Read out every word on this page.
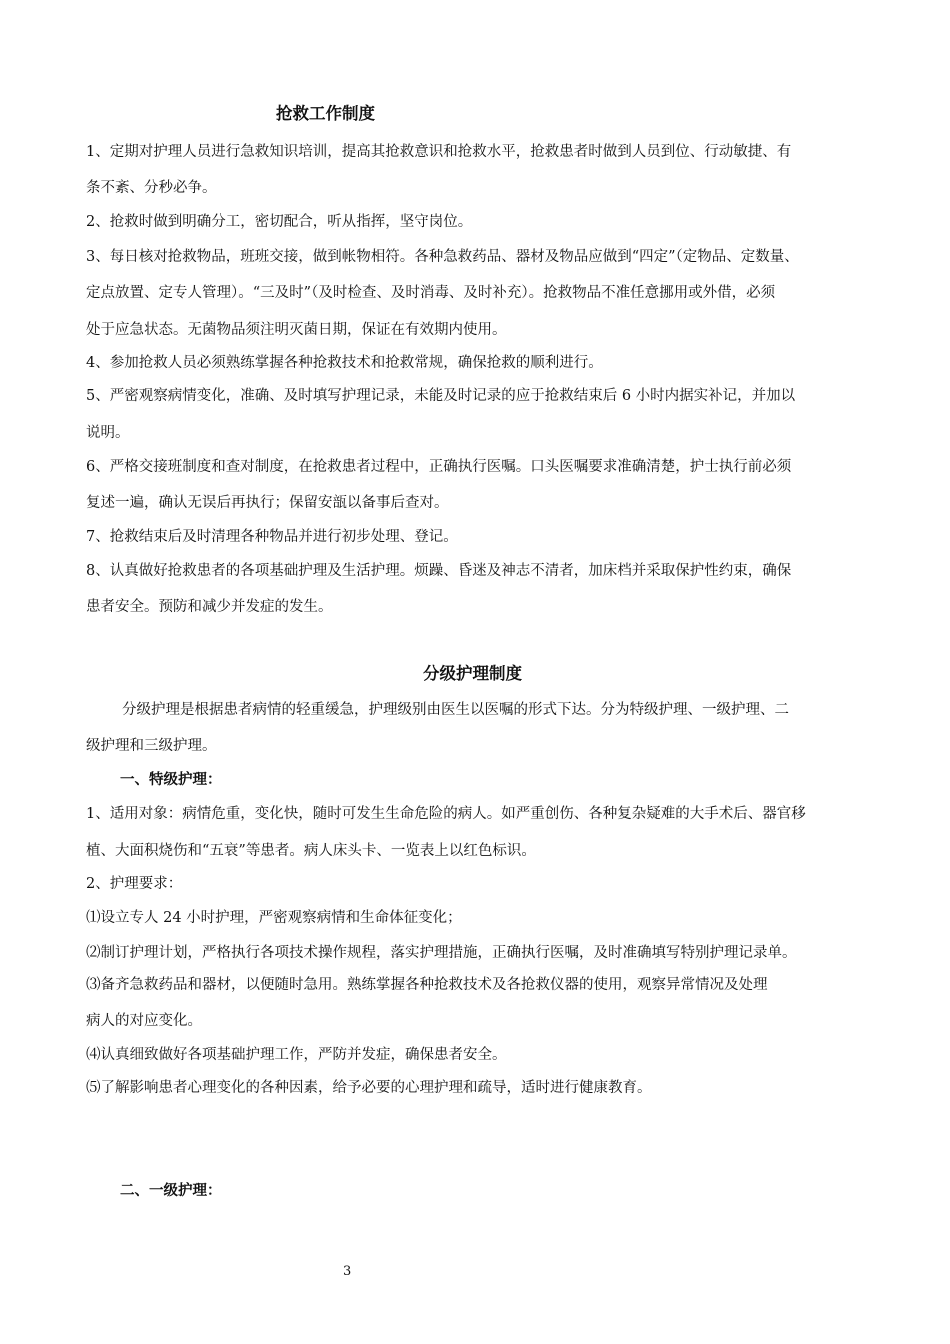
抢救工作制度
1、定期对护理人员进行急救知识培训，提高其抢救意识和抢救水平，抢救患者时做到人员到位、行动敏捷、有
条不紊、分秒必争。
2、抢救时做到明确分工，密切配合，听从指挥，坚守岗位。
3、每日核对抢救物品，班班交接，做到帐物相符。各种急救药品、器材及物品应做到“四定”（定物品、定数量、
定点放置、定专人管理）。“三及时”（及时检查、及时消毒、及时补充）。抢救物品不准任意挪用或外借，必须
处于应急状态。无菌物品须注明灭菌日期，保证在有效期内使用。
4、参加抢救人员必须熟练掌握各种抢救技术和抢救常规，确保抢救的顺利进行。
5、严密观察病情变化，准确、及时填写护理记录，未能及时记录的应于抢救结束后 6 小时内据实补记，并加以
说明。
6、严格交接班制度和查对制度，在抢救患者过程中，正确执行医嘱。口头医嘱要求准确清楚，护士执行前必须
复述一遍，确认无误后再执行；保留安瓿以备事后查对。
7、抢救结束后及时清理各种物品并进行初步处理、登记。
8、认真做好抢救患者的各项基础护理及生活护理。烦躁、昏迷及神志不清者，加床档并采取保护性约束，确保
患者安全。预防和减少并发症的发生。
分级护理制度
分级护理是根据患者病情的轻重缓急，护理级别由医生以医嘱的形式下达。分为特级护理、一级护理、二
级护理和三级护理。
一、特级护理：
1、适用对象：病情危重，变化快，随时可发生生命危险的病人。如严重创伤、各种复杂疑难的大手术后、器官移
植、大面积烧伤和“五衰”等患者。病人床头卡、一览表上以红色标识。
2、护理要求：
⑴设立专人 24 小时护理，严密观察病情和生命体征变化；
⑵制订护理计划，严格执行各项技术操作规程，落实护理措施，正确执行医嘱，及时准确填写特别护理记录单。
⑶备齐急救药品和器材，以便随时急用。熟练掌握各种抢救技术及各抢救仪器的使用，观察异常情况及处理
病人的对应变化。
⑷认真细致做好各项基础护理工作，严防并发症，确保患者安全。
⑸了解影响患者心理变化的各种因素，给予必要的心理护理和疏导，适时进行健康教育。
二、一级护理：
3
